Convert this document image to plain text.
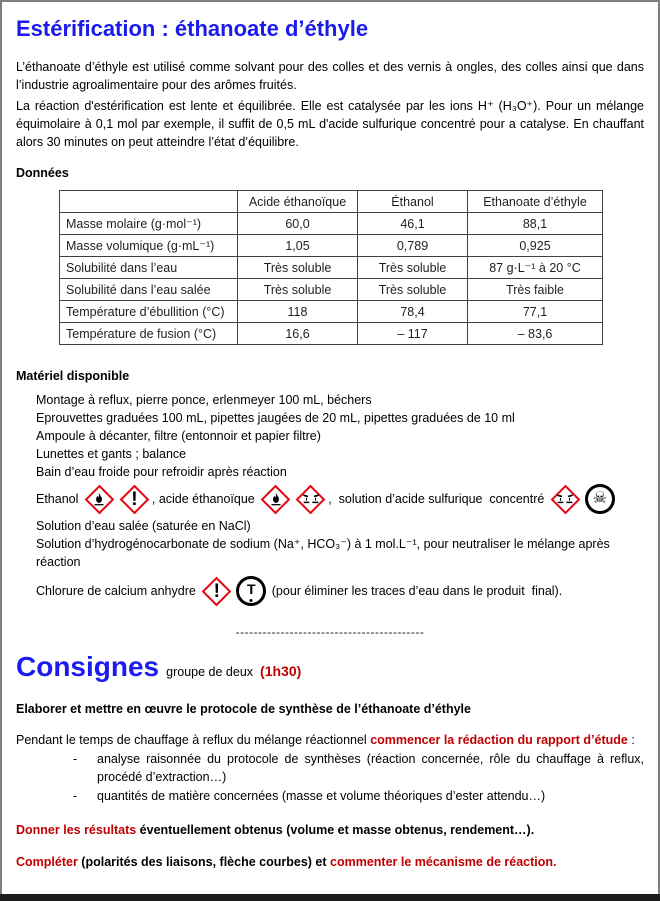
Estérification : éthanoate d’éthyle

L’éthanoate d’éthyle est utilisé comme solvant pour des colles et des vernis à ongles, des colles ainsi que dans l’industrie agroalimentaire pour des arômes fruités.

La réaction d'estérification est lente et équilibrée. Elle est catalysée par les ions H⁺ (H₃O⁺). Pour un mélange équimolaire à 0,1 mol par exemple, il suffit de 0,5 mL d'acide sulfurique concentré pour a catalyse. En chauffant alors 30 minutes on peut atteindre l’état d’équilibre.

Données
	Acide éthanoïque	Éthanol	Ethanoate d’éthyle
Masse molaire (g·mol⁻¹)	60,0	46,1	88,1
Masse volumique (g·mL⁻¹)	1,05	0,789	0,925
Solubilité dans l’eau	Très soluble	Très soluble	87 g·L⁻¹ à 20 °C
Solubilité dans l’eau salée	Très soluble	Très soluble	Très faible
Température d’ébullition (°C)	118	78,4	77,1
Température de fusion (°C)	16,6	– 117	– 83,6
Matériel disponible
Montage à reflux, pierre ponce, erlenmeyer 100 mL, béchers
Eprouvettes graduées 100 mL, pipettes jaugées de 20 mL, pipettes graduées de 10 ml
Ampoule à décanter, filtre (entonnoir et papier filtre)
Lunettes et gants ; balance
Bain d’eau froide pour refroidir après réaction
Ethanol	! , acide éthanoïque	,  solution d’acide sulfurique  concentré	☠
Solution d’eau salée (saturée en NaCl)
Solution d’hydrogénocarbonate de sodium (Na⁺, HCO₃⁻) à 1 mol.L⁻¹, pour neutraliser le mélange après réaction
Chlorure de calcium anhydre ! T (pour éliminer les traces d’eau dans le produit  final).
------------------------------------------
Consignes groupe de deux (1h30)

Elaborer et mettre en œuvre le protocole de synthèse de l’éthanoate d’éthyle

Pendant le temps de chauffage à reflux du mélange réactionnel commencer la rédaction du rapport d’étude :

-	analyse raisonnée du protocole de synthèses (réaction concernée, rôle du chauffage à reflux, procédé d’extraction…)
-	quantités de matière concernées (masse et volume théoriques d’ester attendu…)

Donner les résultats éventuellement obtenus (volume et masse obtenus, rendement…).

Compléter (polarités des liaisons, flèche courbes) et commenter le mécanisme de réaction.
